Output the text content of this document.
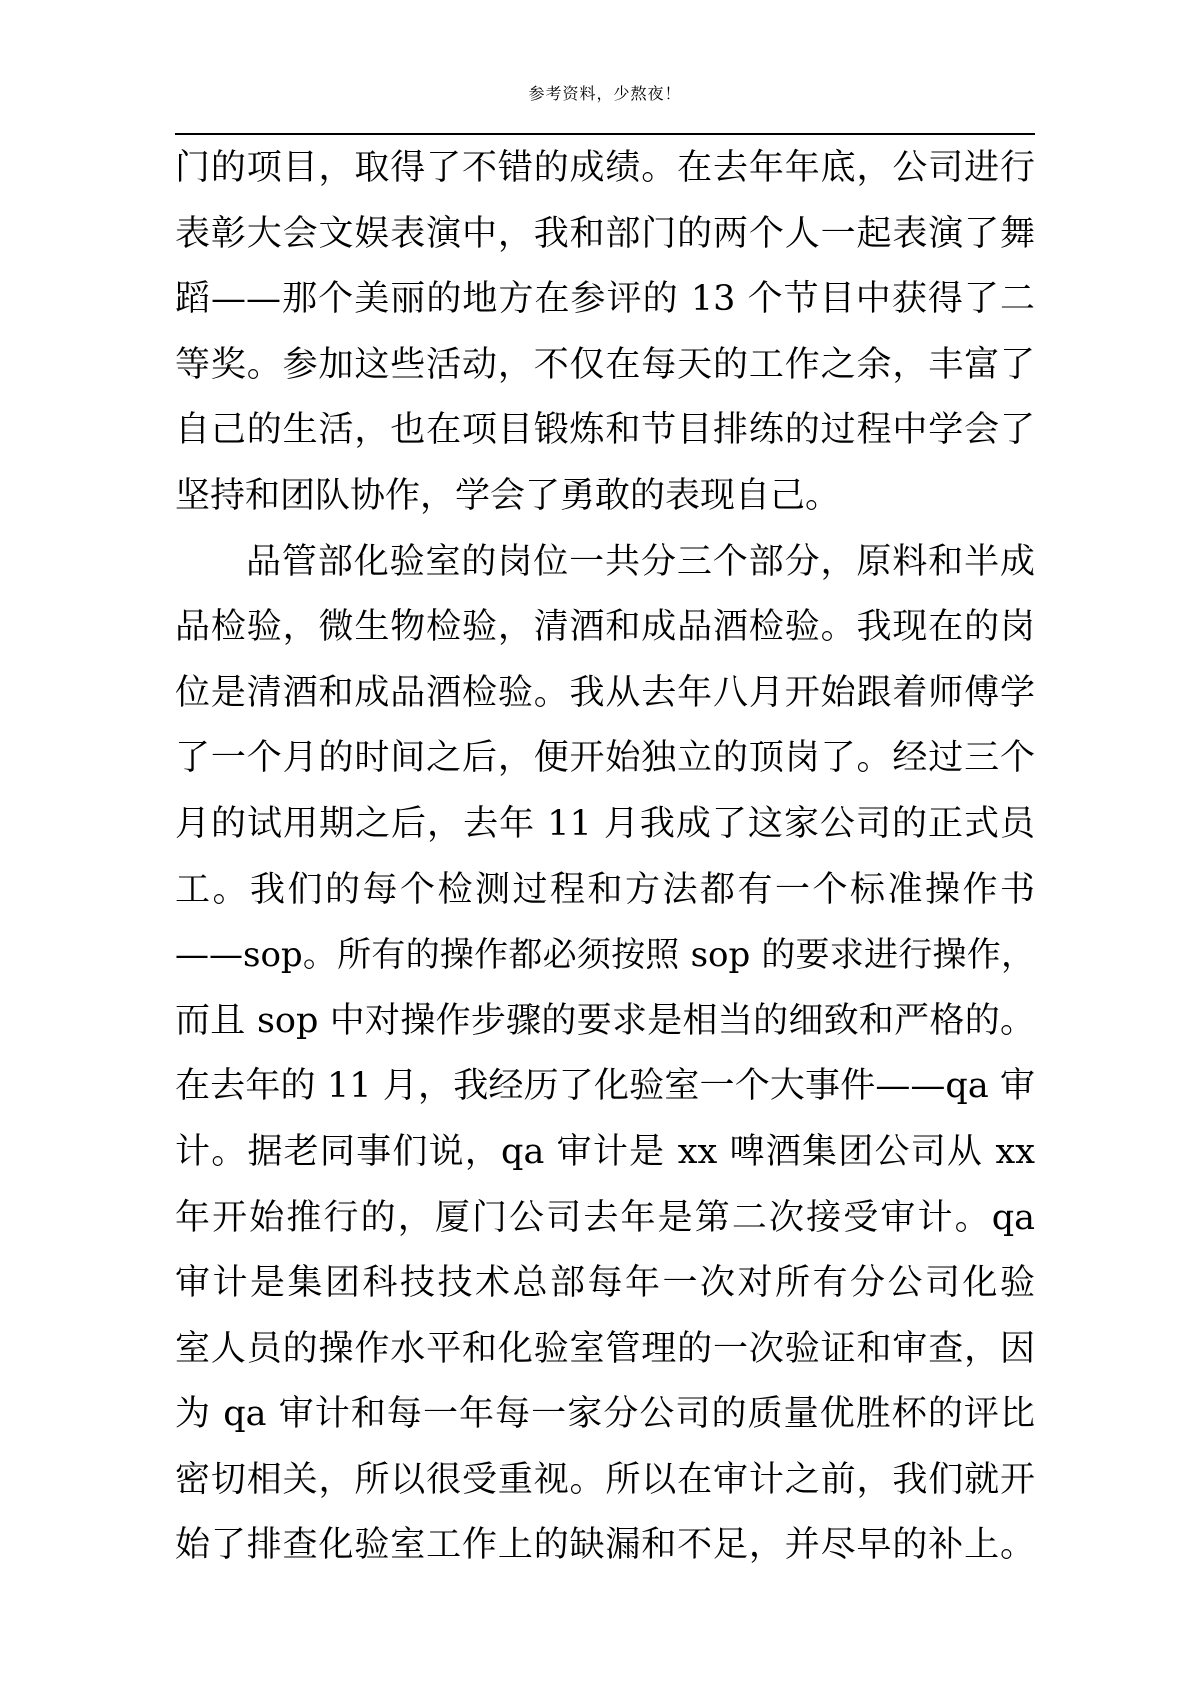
参考资料，少熬夜！
门的项目，取得了不错的成绩。在去年年底，公司进行
表彰大会文娱表演中，我和部门的两个人一起表演了舞
蹈——那个美丽的地方在参评的 13 个节目中获得了二
等奖。参加这些活动，不仅在每天的工作之余，丰富了
自己的生活，也在项目锻炼和节目排练的过程中学会了
坚持和团队协作，学会了勇敢的表现自己。
品管部化验室的岗位一共分三个部分，原料和半成
品检验，微生物检验，清酒和成品酒检验。我现在的岗
位是清酒和成品酒检验。我从去年八月开始跟着师傅学
了一个月的时间之后，便开始独立的顶岗了。经过三个
月的试用期之后，去年 11 月我成了这家公司的正式员
工。我们的每个检测过程和方法都有一个标准操作书
——sop。所有的操作都必须按照 sop 的要求进行操作，
而且 sop 中对操作步骤的要求是相当的细致和严格的。
在去年的 11 月，我经历了化验室一个大事件——qa 审
计。据老同事们说，qa 审计是 xx 啤酒集团公司从 xx
年开始推行的，厦门公司去年是第二次接受审计。qa
审计是集团科技技术总部每年一次对所有分公司化验
室人员的操作水平和化验室管理的一次验证和审查，因
为 qa 审计和每一年每一家分公司的质量优胜杯的评比
密切相关，所以很受重视。所以在审计之前，我们就开
始了排查化验室工作上的缺漏和不足，并尽早的补上。
